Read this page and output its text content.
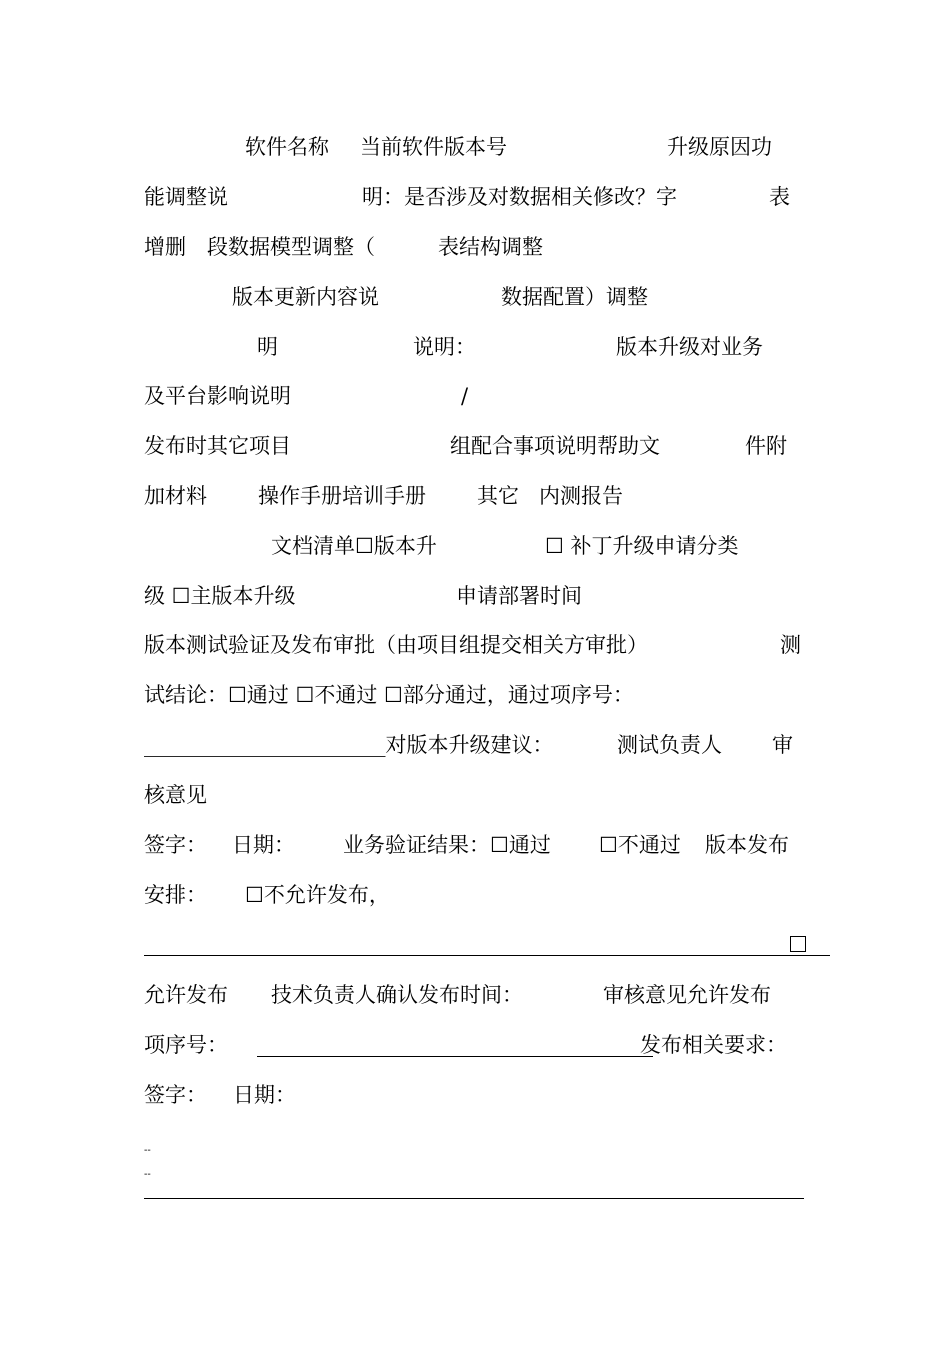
软件名称 当前软件版本号	升级原因功
能调整说	明：是否涉及对数据相关修改？字	表
增删 段数据模型调整（	表结构调整
版本更新内容说	数据配置）调整
明	说明：	版本升级对业务
及平台影响说明	/
发布时其它项目	组配合事项说明帮助文	件附
加材料 操作手册培训手册 其它 内测报告
文档清单☐版本升	☐ 补丁升级申请分类
级 ☐主版本升级	申请部署时间
版本测试验证及发布审批（由项目组提交相关方审批）	测
试结论：☐通过 ☐不通过 ☐部分通过，通过项序号：
_______________________对版本升级建议：	测试负责人 审
核意见
签字： 日期： 业务验证结果：☐通过 ☐不通过 版本发布
安排： ☐不允许发布，
允许发布 技术负责人确认发布时间：	审核意见允许发布
项序号：	发布相关要求：
签字： 日期：
--
--
